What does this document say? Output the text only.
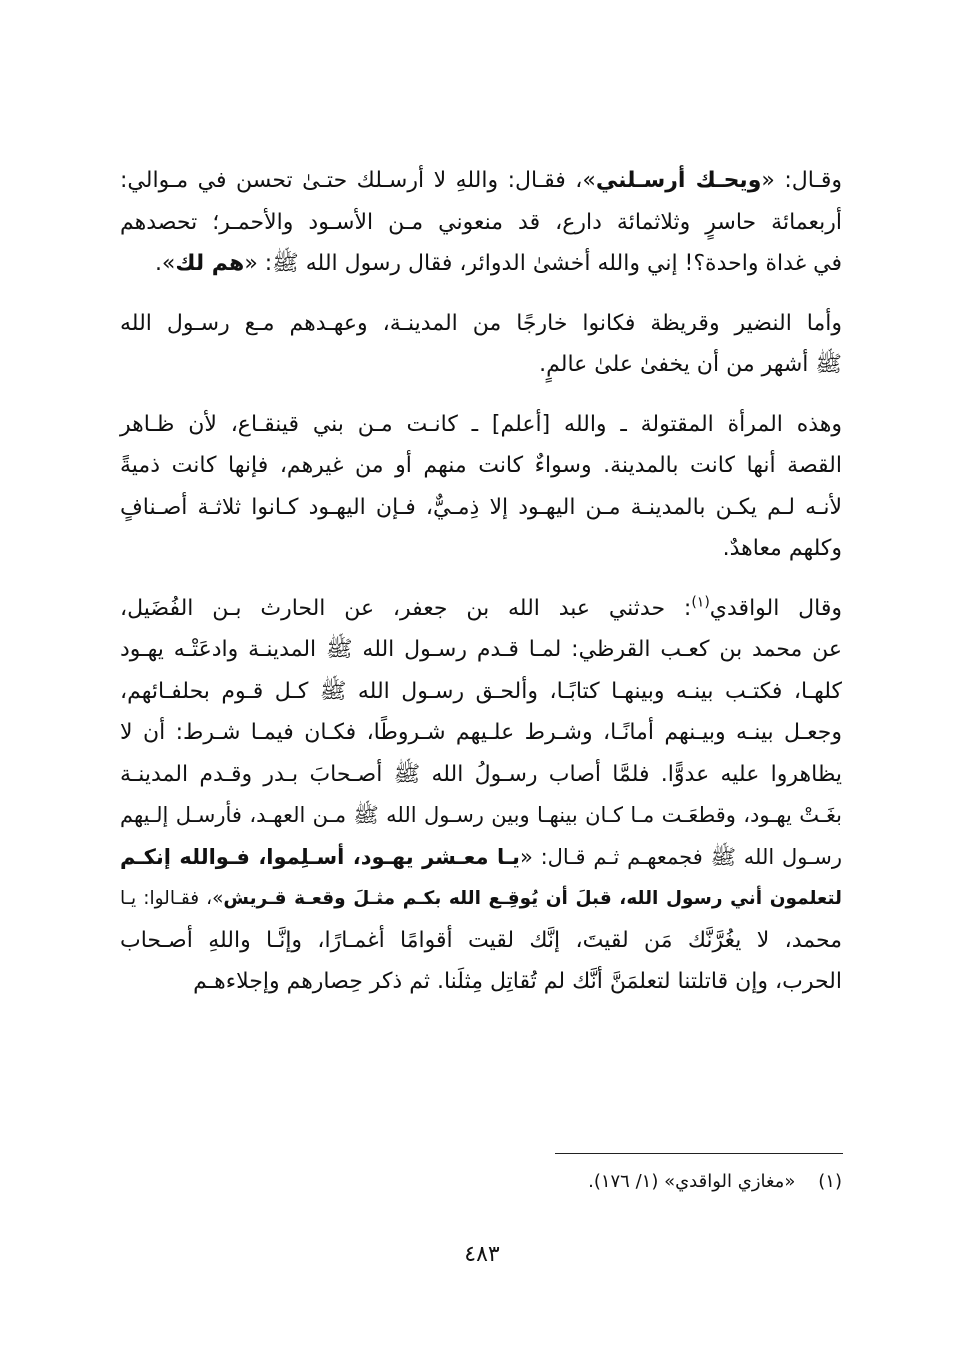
وقـال: «ويحـك أرسـلني»، فقـال: واللهِ لا أرسـلك حتـىٰ تحسن في مـوالي:
أربعمائة حاسرٍ وثلاثمائة دارع، قد منعوني مـن الأسـود والأحمـر؛ تحصدهم
في غداة واحدة؟! إني والله أخشىٰ الدوائر، فقال رسول الله ﷺ: «هم لك».
وأما النضير وقريظة فكانوا خارجًا من المدينـة، وعهـدهم مـع رسـول الله
ﷺ أشهر من أن يخفىٰ علىٰ عالمٍ.
وهذه المرأة المقتولة ـ والله [أعلم] ـ كانـت مـن بني قينقـاع، لأن ظـاهر
القصة أنها كانت بالمدينة. وسواءٌ كانت منهم أو من غيرهم، فإنها كانت ذميةً
لأنـه لـم يكـن بالمدينـة مـن اليهـود إلا ذِمـيٌّ، فـإن اليهـود كـانوا ثلاثـة أصـنافٍ
وكلهم معاهدٌ.
وقال الواقدي$^{(١)}$: حدثني عبد الله بن جعفر، عن الحارث بـن الفُضَيل،
عن محمد بن كعـب القرظي: لمـا قـدم رسـول الله ﷺ المدينـة وادعَتْـه يهـود
كلهـا، فكتـب بينـه وبينهـا كتابًـا، وألحـق رسـول الله ﷺ كـل قـوم بحلفـائهم،
وجعـل بينـه وبيـنهم أمانًـا، وشـرط علـيهم شـروطًا، فكـان فيمـا شـرط: أن لا
يظاهروا عليه عدوًّا. فلمَّا أصاب رسـولُ الله ﷺ أصـحابَ بـدر وقـدم المدينـة
بغَـتْ يهـود، وقطعَـت مـا كـان بينهـا وبين رسـول الله ﷺ مـن العهـد، فأرسـل إلـيهم
رسـول الله ﷺ فجمعهـم ثـم قـال: «يـا معـشر يهـود، أسـلِموا، فـوالله إنكـم
لتعلمون أني رسول الله، قبلَ أن يُوقِـع الله بكـم مثـلَ وقعـة قـريش»، فقـالوا: يـا
محمد، لا يغُرَّنَّك مَن لقيتَ، إنَّك لقيت أقوامًا أغمـارًا، وإنَّـا واللهِ أصـحاب
الحرب، وإن قاتلتنا لتعلمَنَّ أنَّك لم تُقاتِل مِثلَنا. ثم ذكر حِصارهم وإجلاءهـم
(١)    «مغازي الواقدي» (١/ ١٧٦).
٤٨٣
